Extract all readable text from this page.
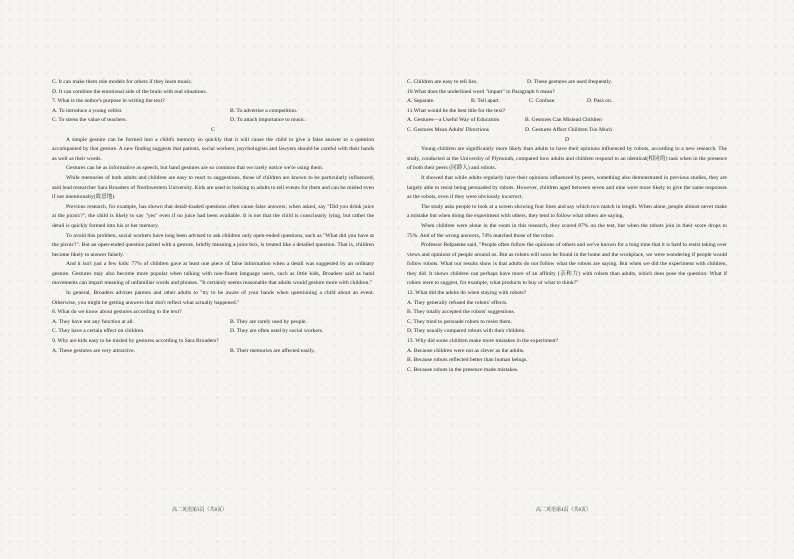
C. It can make them role models for others if they learn music.
D. It can combine the emotional side of the brain with real situations.
7. What is the author's purpose in writing the text?
A. To introduce a young cellist.	B. To advertise a competition.
C. To stress the value of teachers.	D. To attach importance to music.
C

A simple gesture can be formed into a child's memory so quickly that it will cause the child to give a false answer to a question accompanied by that gesture. A new finding suggests that parents, social workers, psychologists and lawyers should be careful with their hands as well as their words.

Gestures can be as informative as speech, but hand gestures are so common that we rarely notice we're using them.

While memories of both adults and children are easy to react to suggestions, those of children are known to be particularly influenced, said lead researcher Sara Broaders of Northwestern University. Kids are used to looking to adults to tell events for them and can be misled even if not intentionally(故意地).

Previous research, for example, has shown that detail-loaded questions often cause false answers; when asked, say "Did you drink juice at the picnic?", the child is likely to say "yes" even if no juice had been available. It is not that the child is consciously lying, but rather the detail is quickly formed into his or her memory.

To avoid this problem, social workers have long been advised to ask children only open-ended questions, such as "What did you have at the picnic?". But an open-ended question paired with a gesture, briefly meaning a juice box, is treated like a detailed question. That is, children become likely to answer falsely.

And it isn't just a few kids: 77% of children gave at least one piece of false information when a detail was suggested by an ordinary gesture. Gestures may also become more popular when talking with non-fluent language users, such as little kids, Broaders said as hand movements can impart meaning of unfamiliar words and phrases. "It certainly seems reasonable that adults would gesture more with children."

In general, Broaders advises parents and other adults to "try to be aware of your hands when questioning a child about an event. Otherwise, you might be getting answers that don't reflect what actually happened."

8. What do we know about gestures according to the text?
A. They have not any function at all.	B. They are rarely used by people.
C. They have a certain effect on children.	D. They are often used by social workers.
9. Why are kids easy to be misled by gestures according to Sara Broaders?
A. These gestures are very attractive.	B. Their memories are affected easily.
C. Children are easy to tell lies.	D. These gestures are used frequently.
10.What does the underlined word "impart" in Paragraph 6 mean?
A. Separate.	B. Tell apart.	C. Confuse.	D. Pass on.
11.What would be the best title for the text?
A. Gestures—a Useful Way of Education	B. Gestures Can Mislead Children
C. Gestures Mean Adults' Directions	D. Gestures Affect Children Too Much
D

Young children are significantly more likely than adults to have their opinions influenced by robots, according to a new research. The study, conducted at the University of Plymouth, compared how adults and children respond to an identical(相同的) task when in the presence of both their peers (同龄人) and robots.

It showed that while adults regularly have their opinions influenced by peers, something also demonstrated in previous studies, they are largely able to resist being persuaded by robots. However, children aged between seven and nine were more likely to give the same responses as the robots, even if they were obviously incorrect.

The study asks people to look at a screen showing four lines and say which two match in length. When alone, people almost never make a mistake but when doing the experiment with others, they tend to follow what others are saying.

When children were alone in the room in this research, they scored 87% on the test, but when the robots join in their score drops to 75%. And of the wrong answers, 74% matched those of the robot.

Professor Belpaeme said, "People often follow the opinions of others and we've known for a long time that it is hard to resist taking over views and opinions of people around us. But as robots will soon be found in the home and the workplace, we were wondering if people would follow robots. What our results show is that adults do not follow what the robots are saying. But when we did the experiment with children, they did. It shows children can perhaps have more of an affinity (亲和力) with robots than adults, which does pose the question: What if robots were to suggest, for example, what products to buy or what to think?"

12. What did the adults do when staying with robots?
A. They generally refused the robots' effects.
B. They totally accepted the robots' suggestions.
C. They tried to persuade robots to resist them.
D. They usually compared robots with their children.
13. Why did some children make more mistakes in the experiment?
A. Because children were not as clever as the adults.
B. Because robots reflected better than human beings.
C. Because robots in the presence made mistakes.
高二英语第3页（共8页）	高二英语第4页（共8页）
